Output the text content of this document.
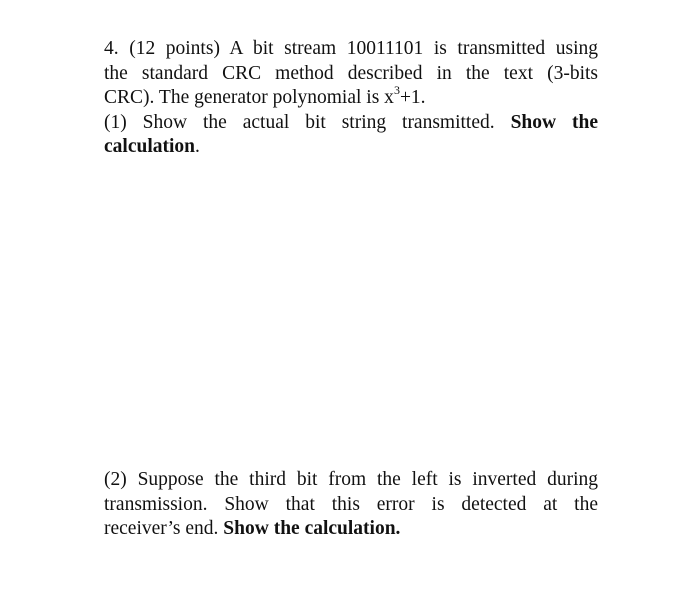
4. (12 points) A bit stream 10011101 is transmitted using
the standard CRC method described in the text (3-bits
CRC). The generator polynomial is $x^3+1$.
(1) Show the actual bit string transmitted. Show the
calculation.
(2) Suppose the third bit from the left is inverted during
transmission. Show that this error is detected at the
receiver’s end. Show the calculation.
